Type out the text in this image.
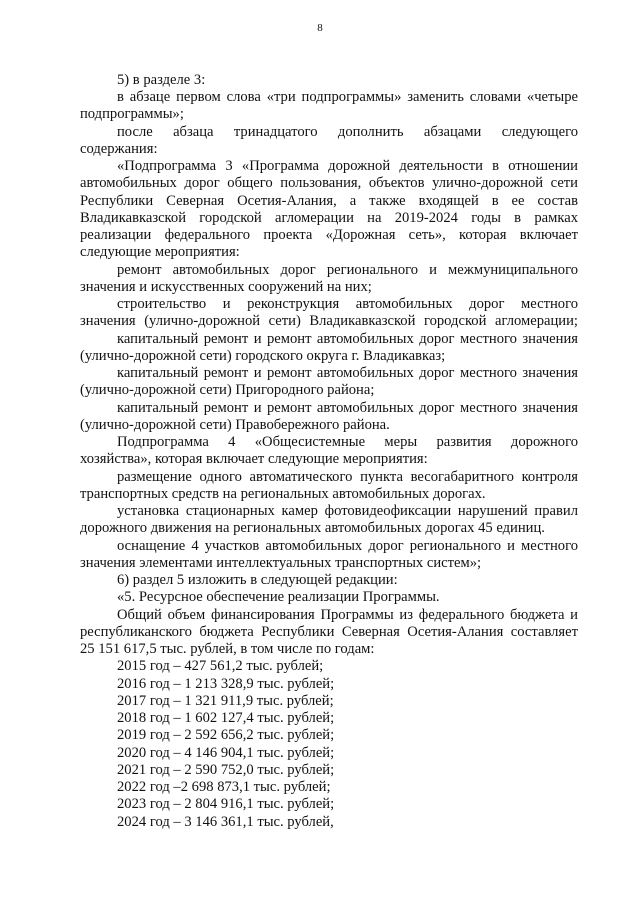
8
5) в разделе 3:
в абзаце первом слова «три подпрограммы» заменить словами «четыре
подпрограммы»;
после абзаца тринадцатого дополнить абзацами следующего
содержания:
«Подпрограмма 3 «Программа дорожной деятельности в отношении
автомобильных дорог общего пользования, объектов улично-дорожной сети
Республики Северная Осетия-Алания, а также входящей в ее состав
Владикавказской городской агломерации на 2019-2024 годы в рамках
реализации федерального проекта «Дорожная сеть», которая включает
следующие мероприятия:
ремонт автомобильных дорог регионального и межмуниципального
значения и искусственных сооружений на них;
строительство и реконструкция автомобильных дорог местного
значения (улично-дорожной сети) Владикавказской городской агломерации;
капитальный ремонт и ремонт автомобильных дорог местного значения
(улично-дорожной сети) городского округа г. Владикавказ;
капитальный ремонт и ремонт автомобильных дорог местного значения
(улично-дорожной сети) Пригородного района;
капитальный ремонт и ремонт автомобильных дорог местного значения
(улично-дорожной сети) Правобережного района.
Подпрограмма 4 «Общесистемные меры развития дорожного
хозяйства», которая включает следующие мероприятия:
размещение одного автоматического пункта весогабаритного контроля
транспортных средств на региональных автомобильных дорогах.
установка стационарных камер фотовидеофиксации нарушений правил
дорожного движения на региональных автомобильных дорогах 45 единиц.
оснащение 4 участков автомобильных дорог регионального и местного
значения элементами интеллектуальных транспортных систем»;
6) раздел 5 изложить в следующей редакции:
«5. Ресурсное обеспечение реализации Программы.
Общий объем финансирования Программы из федерального бюджета и
республиканского бюджета Республики Северная Осетия-Алания составляет
25 151 617,5 тыс. рублей, в том числе по годам:
2015 год – 427 561,2 тыс. рублей;
2016 год – 1 213 328,9 тыс. рублей;
2017 год – 1 321 911,9 тыс. рублей;
2018 год – 1 602 127,4 тыс. рублей;
2019 год – 2 592 656,2 тыс. рублей;
2020 год – 4 146 904,1 тыс. рублей;
2021 год – 2 590 752,0 тыс. рублей;
2022 год –2 698 873,1 тыс. рублей;
2023 год – 2 804 916,1 тыс. рублей;
2024 год – 3 146 361,1 тыс. рублей,
